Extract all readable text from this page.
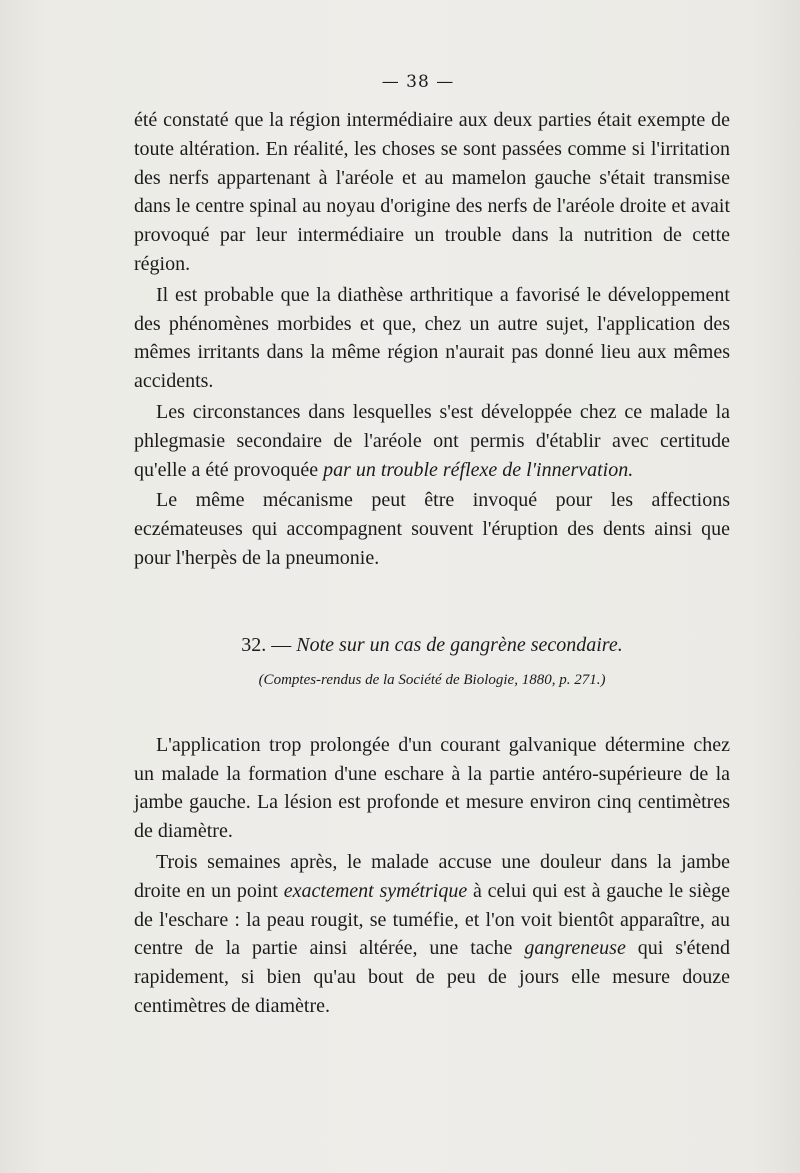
— 38 —

été constaté que la région intermédiaire aux deux parties était exempte de toute altération. En réalité, les choses se sont passées comme si l'irritation des nerfs appartenant à l'aréole et au mamelon gauche s'était transmise dans le centre spinal au noyau d'origine des nerfs de l'aréole droite et avait provoqué par leur intermédiaire un trouble dans la nutrition de cette région.

Il est probable que la diathèse arthritique a favorisé le développement des phénomènes morbides et que, chez un autre sujet, l'application des mêmes irritants dans la même région n'aurait pas donné lieu aux mêmes accidents.

Les circonstances dans lesquelles s'est développée chez ce malade la phlegmasie secondaire de l'aréole ont permis d'établir avec certitude qu'elle a été provoquée par un trouble réflexe de l'innervation.

Le même mécanisme peut être invoqué pour les affections eczémateuses qui accompagnent souvent l'éruption des dents ainsi que pour l'herpès de la pneumonie.

32. — Note sur un cas de gangrène secondaire.

(Comptes-rendus de la Société de Biologie, 1880, p. 271.)

L'application trop prolongée d'un courant galvanique détermine chez un malade la formation d'une eschare à la partie antéro-supérieure de la jambe gauche. La lésion est profonde et mesure environ cinq centimètres de diamètre.

Trois semaines après, le malade accuse une douleur dans la jambe droite en un point exactement symétrique à celui qui est à gauche le siège de l'eschare : la peau rougit, se tuméfie, et l'on voit bientôt apparaître, au centre de la partie ainsi altérée, une tache gangreneuse qui s'étend rapidement, si bien qu'au bout de peu de jours elle mesure douze centimètres de diamètre.
